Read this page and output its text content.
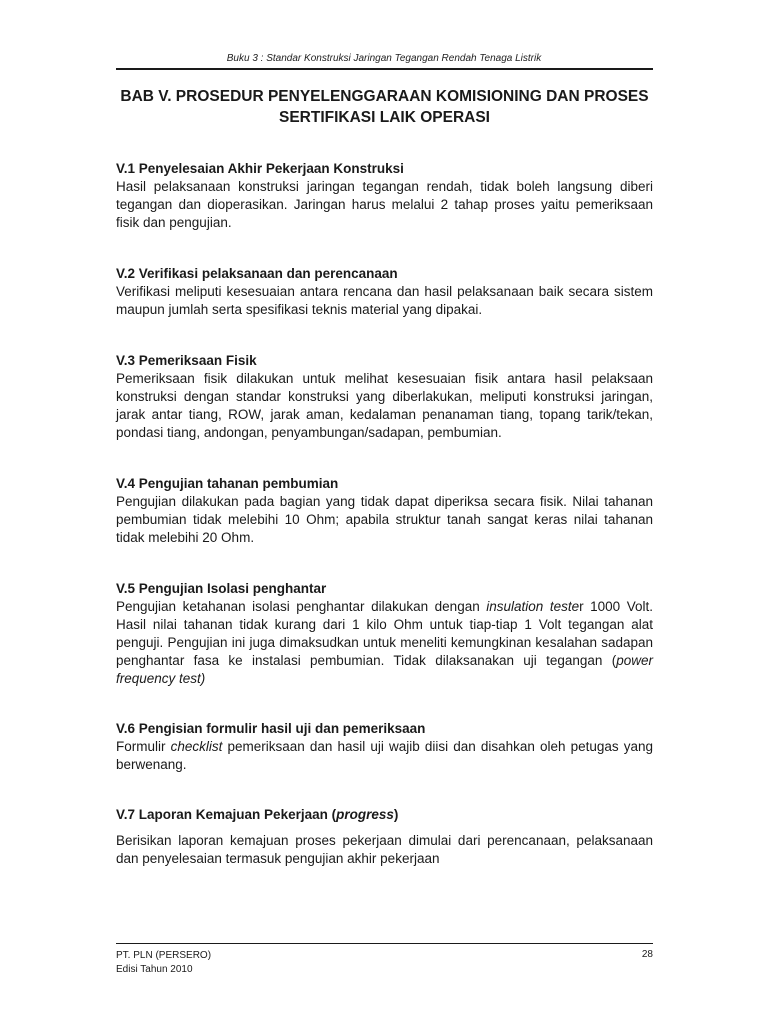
Buku 3 : Standar Konstruksi Jaringan Tegangan Rendah Tenaga Listrik
BAB V. PROSEDUR PENYELENGGARAAN KOMISIONING DAN PROSES
SERTIFIKASI LAIK OPERASI

V.1 Penyelesaian Akhir Pekerjaan Konstruksi

Hasil pelaksanaan konstruksi jaringan tegangan rendah, tidak boleh langsung diberi tegangan dan dioperasikan. Jaringan harus melalui 2 tahap proses yaitu pemeriksaan fisik dan pengujian.

V.2 Verifikasi pelaksanaan dan perencanaan

Verifikasi meliputi kesesuaian antara rencana dan hasil pelaksanaan baik secara sistem maupun jumlah serta spesifikasi teknis material yang dipakai.

V.3 Pemeriksaan Fisik

Pemeriksaan fisik dilakukan untuk melihat kesesuaian fisik antara hasil pelaksaan konstruksi dengan standar konstruksi yang diberlakukan, meliputi konstruksi jaringan, jarak antar tiang, ROW, jarak aman, kedalaman penanaman tiang, topang tarik/tekan, pondasi tiang, andongan, penyambungan/sadapan, pembumian.

V.4 Pengujian tahanan pembumian

Pengujian dilakukan pada bagian yang tidak dapat diperiksa secara fisik. Nilai tahanan pembumian tidak melebihi 10 Ohm; apabila struktur tanah sangat keras nilai tahanan tidak melebihi 20 Ohm.

V.5 Pengujian Isolasi penghantar

Pengujian ketahanan isolasi penghantar dilakukan dengan insulation tester 1000 Volt. Hasil nilai tahanan tidak kurang dari 1 kilo Ohm untuk tiap-tiap 1 Volt tegangan alat penguji. Pengujian ini juga dimaksudkan untuk meneliti kemungkinan kesalahan sadapan penghantar fasa ke instalasi pembumian. Tidak dilaksanakan uji tegangan (power frequency test)

V.6 Pengisian formulir hasil uji dan pemeriksaan

Formulir checklist pemeriksaan dan hasil uji wajib diisi dan disahkan oleh petugas yang berwenang.

V.7 Laporan Kemajuan Pekerjaan (progress)

Berisikan laporan kemajuan proses pekerjaan dimulai dari perencanaan, pelaksanaan dan penyelesaian termasuk pengujian akhir pekerjaan

PT. PLN (PERSERO)
Edisi Tahun 2010
28
